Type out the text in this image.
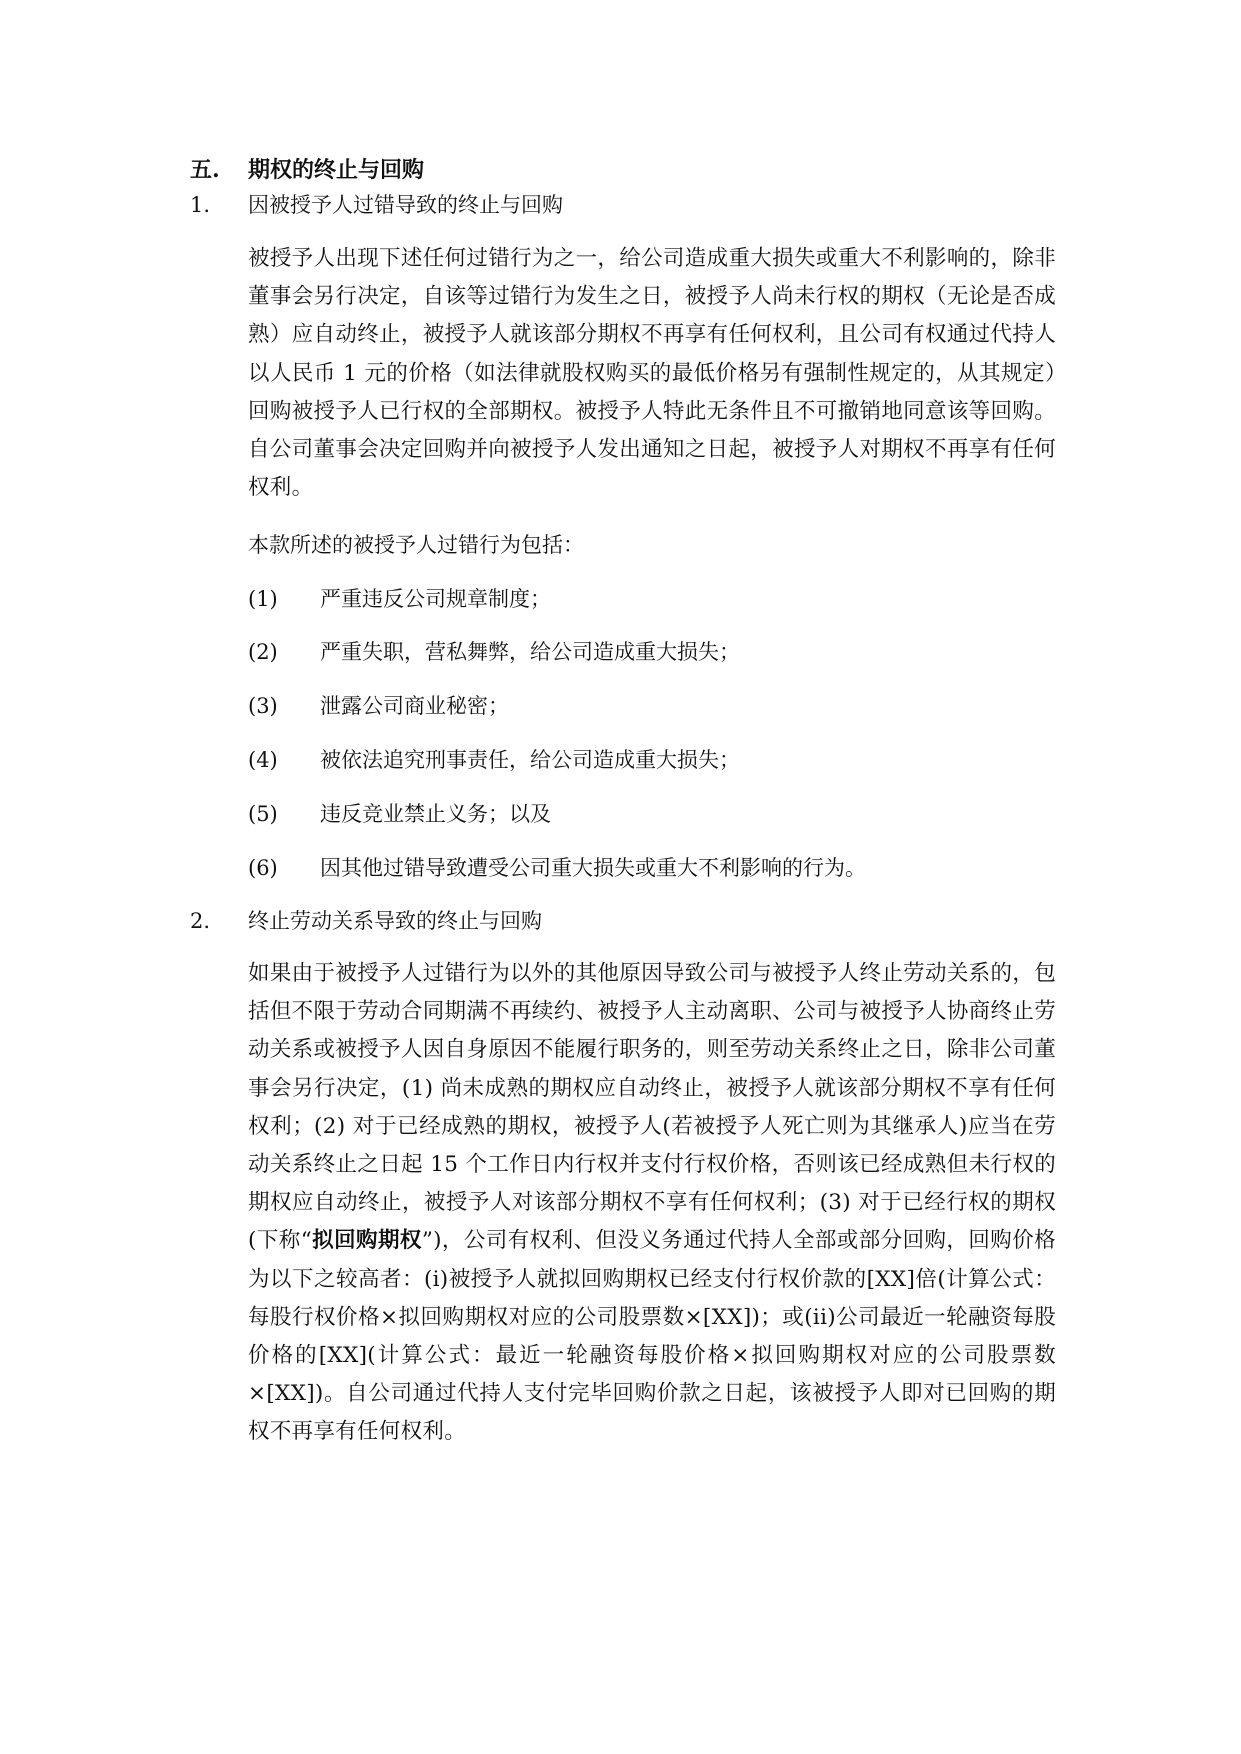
五. 期权的终止与回购
1. 因被授予人过错导致的终止与回购
被授予人出现下述任何过错行为之一，给公司造成重大损失或重大不利影响的，除非董事会另行决定，自该等过错行为发生之日，被授予人尚未行权的期权（无论是否成熟）应自动终止，被授予人就该部分期权不再享有任何权利，且公司有权通过代持人以人民币 1 元的价格（如法律就股权购买的最低价格另有强制性规定的，从其规定）回购被授予人已行权的全部期权。被授予人特此无条件且不可撤销地同意该等回购。自公司董事会决定回购并向被授予人发出通知之日起，被授予人对期权不再享有任何权利。
本款所述的被授予人过错行为包括：
(1) 严重违反公司规章制度；
(2) 严重失职，营私舞弊，给公司造成重大损失；
(3) 泄露公司商业秘密；
(4) 被依法追究刑事责任，给公司造成重大损失；
(5) 违反竞业禁止义务；以及
(6) 因其他过错导致遭受公司重大损失或重大不利影响的行为。
2. 终止劳动关系导致的终止与回购
如果由于被授予人过错行为以外的其他原因导致公司与被授予人终止劳动关系的，包括但不限于劳动合同期满不再续约、被授予人主动离职、公司与被授予人协商终止劳动关系或被授予人因自身原因不能履行职务的，则至劳动关系终止之日，除非公司董事会另行决定，(1) 尚未成熟的期权应自动终止，被授予人就该部分期权不享有任何权利；(2) 对于已经成熟的期权，被授予人(若被授予人死亡则为其继承人)应当在劳动关系终止之日起 15 个工作日内行权并支付行权价格，否则该已经成熟但未行权的期权应自动终止，被授予人对该部分期权不享有任何权利；(3) 对于已经行权的期权(下称“拟回购期权”)，公司有权利、但没义务通过代持人全部或部分回购，回购价格为以下之较高者：(i)被授予人就拟回购期权已经支付行权价款的[XX]倍(计算公式：每股行权价格×拟回购期权对应的公司股票数×[XX])；或(ii)公司最近一轮融资每股价格的[XX](计算公式：最近一轮融资每股价格×拟回购期权对应的公司股票数×[XX])。自公司通过代持人支付完毕回购价款之日起，该被授予人即对已回购的期权不再享有任何权利。
